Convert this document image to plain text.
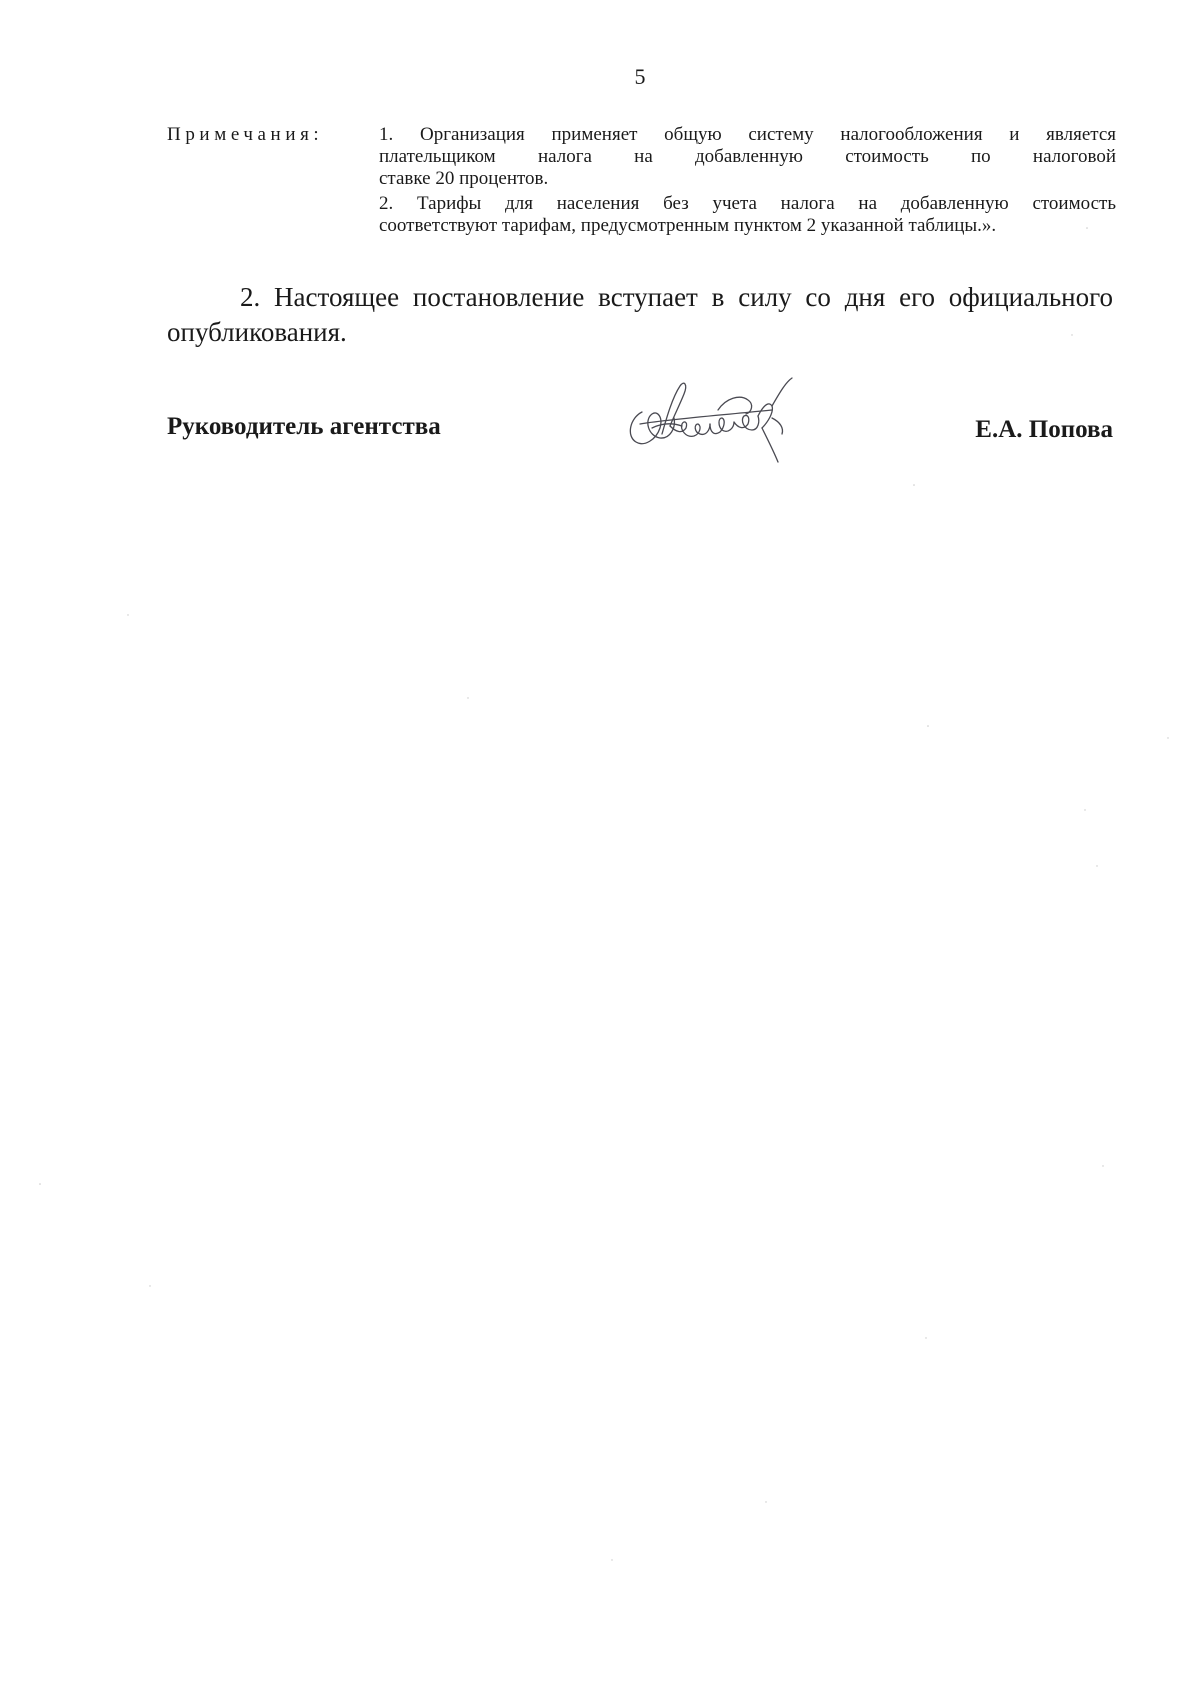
5
Примечания:	1. Организация применяет общую систему налогообложения и является
плательщиком налога на добавленную стоимость по налоговой
ставке 20 процентов.
2. Тарифы для населения без учета налога на добавленную стоимость
соответствуют тарифам, предусмотренным пунктом 2 указанной таблицы.».
2. Настоящее постановление вступает в силу со дня его официального
опубликования.
Руководитель агентства	Е.А. Попова
